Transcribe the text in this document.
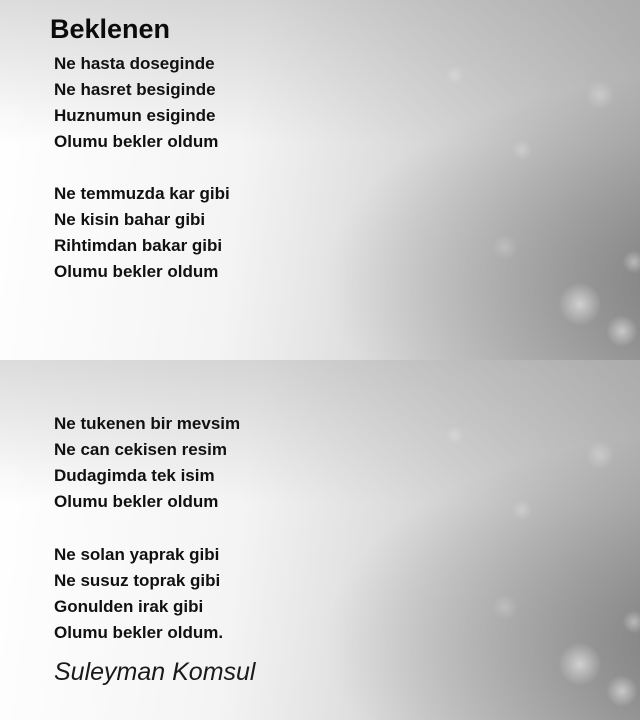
Beklenen

Ne hasta doseginde

Ne hasret besiginde

Huznumun esiginde

Olumu bekler oldum

Ne temmuzda kar gibi

Ne kisin bahar gibi

Rihtimdan bakar gibi

Olumu bekler oldum

Ne tukenen bir mevsim

Ne can cekisen resim

Dudagimda tek isim

Olumu bekler oldum

Ne solan yaprak gibi

Ne susuz toprak gibi

Gonulden irak gibi

Olumu bekler oldum.

Suleyman Komsul
